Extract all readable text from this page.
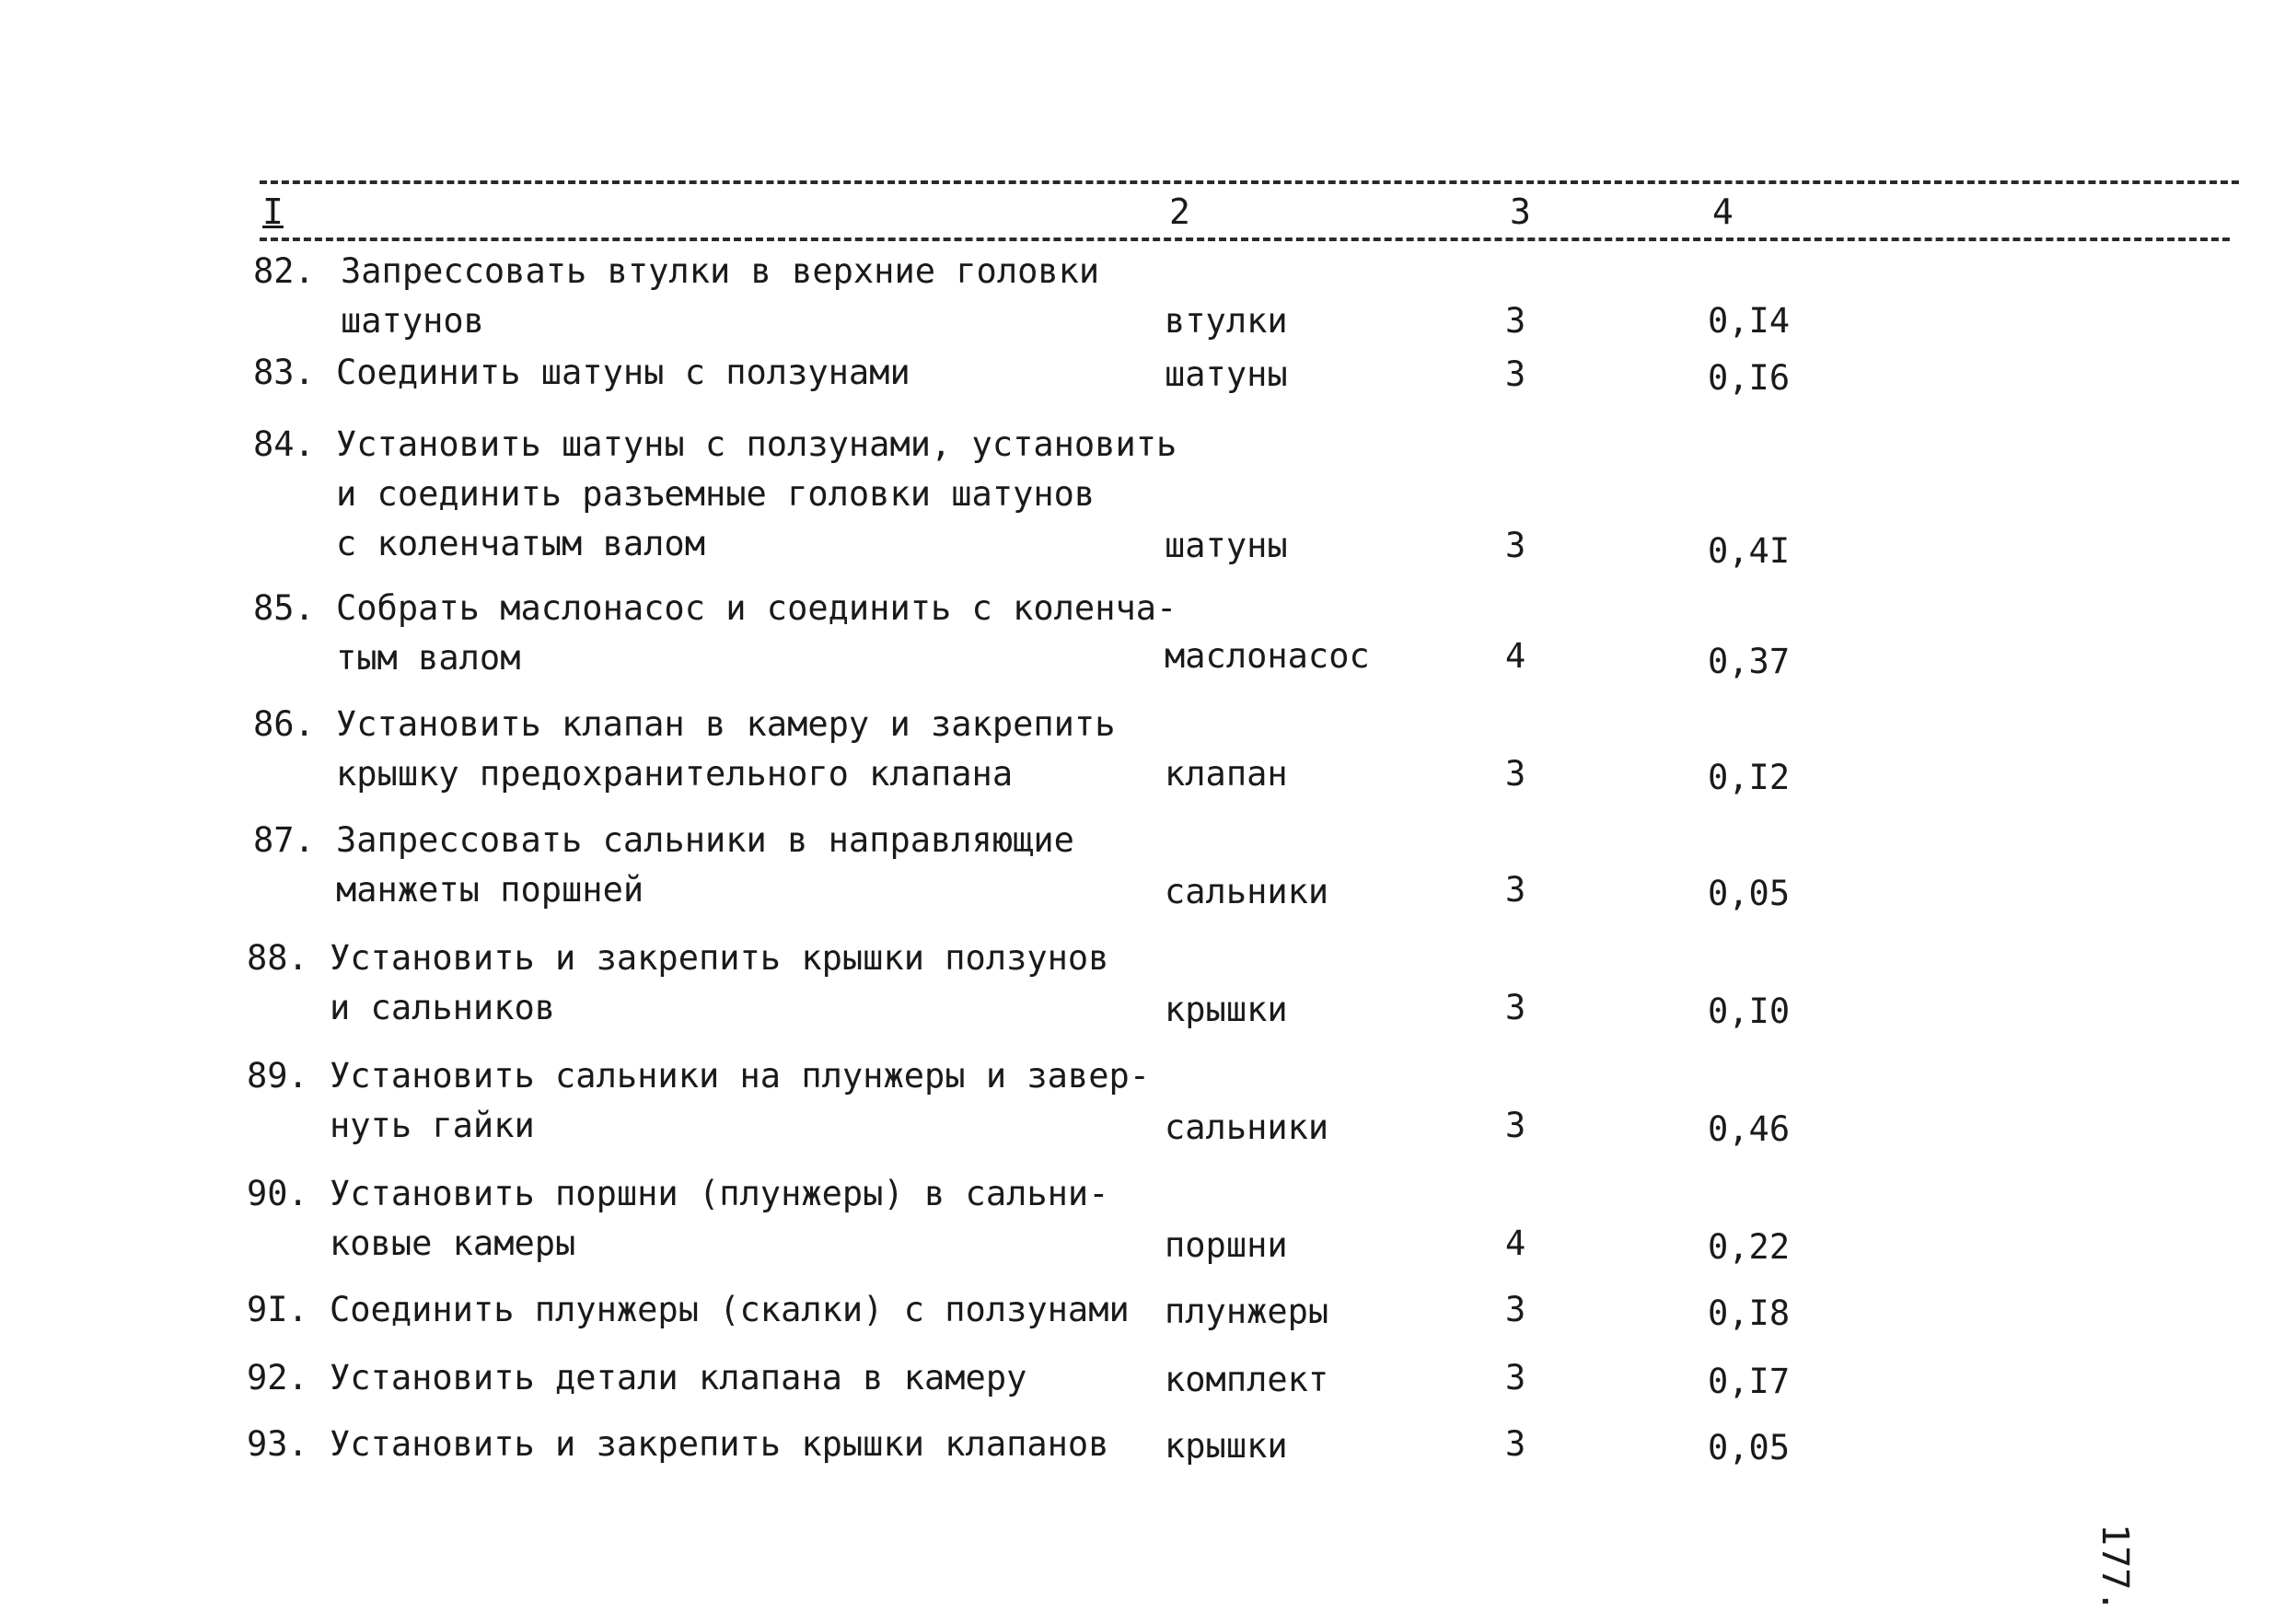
I	2	3	4
82. Запрессовать втулки в верхние головки
шатунов	втулки	3	0,I4
83. Соединить шатуны с ползунами	шатуны	3	0,I6
84. Установить шатуны с ползунами, установить
и соединить разъемные головки шатунов
с коленчатым валом	шатуны	3	0,4I
85. Собрать маслонасос и соединить с коленча-
тым валом	маслонасос	4	0,37
86. Установить клапан в камеру и закрепить
крышку предохранительного клапана	клапан	3	0,I2
87. Запрессовать сальники в направляющие
манжеты поршней	сальники	3	0,05
88. Установить и закрепить крышки ползунов
и сальников	крышки	3	0,I0
89. Установить сальники на плунжеры и завер-
нуть гайки	сальники	3	0,46
90. Установить поршни (плунжеры) в сальни-
ковые камеры	поршни	4	0,22
9I. Соединить плунжеры (скалки) с ползунами	плунжеры	3	0,I8
92. Установить детали клапана в камеру	комплект	3	0,I7
93. Установить и закрепить крышки клапанов	крышки	3	0,05
177.
